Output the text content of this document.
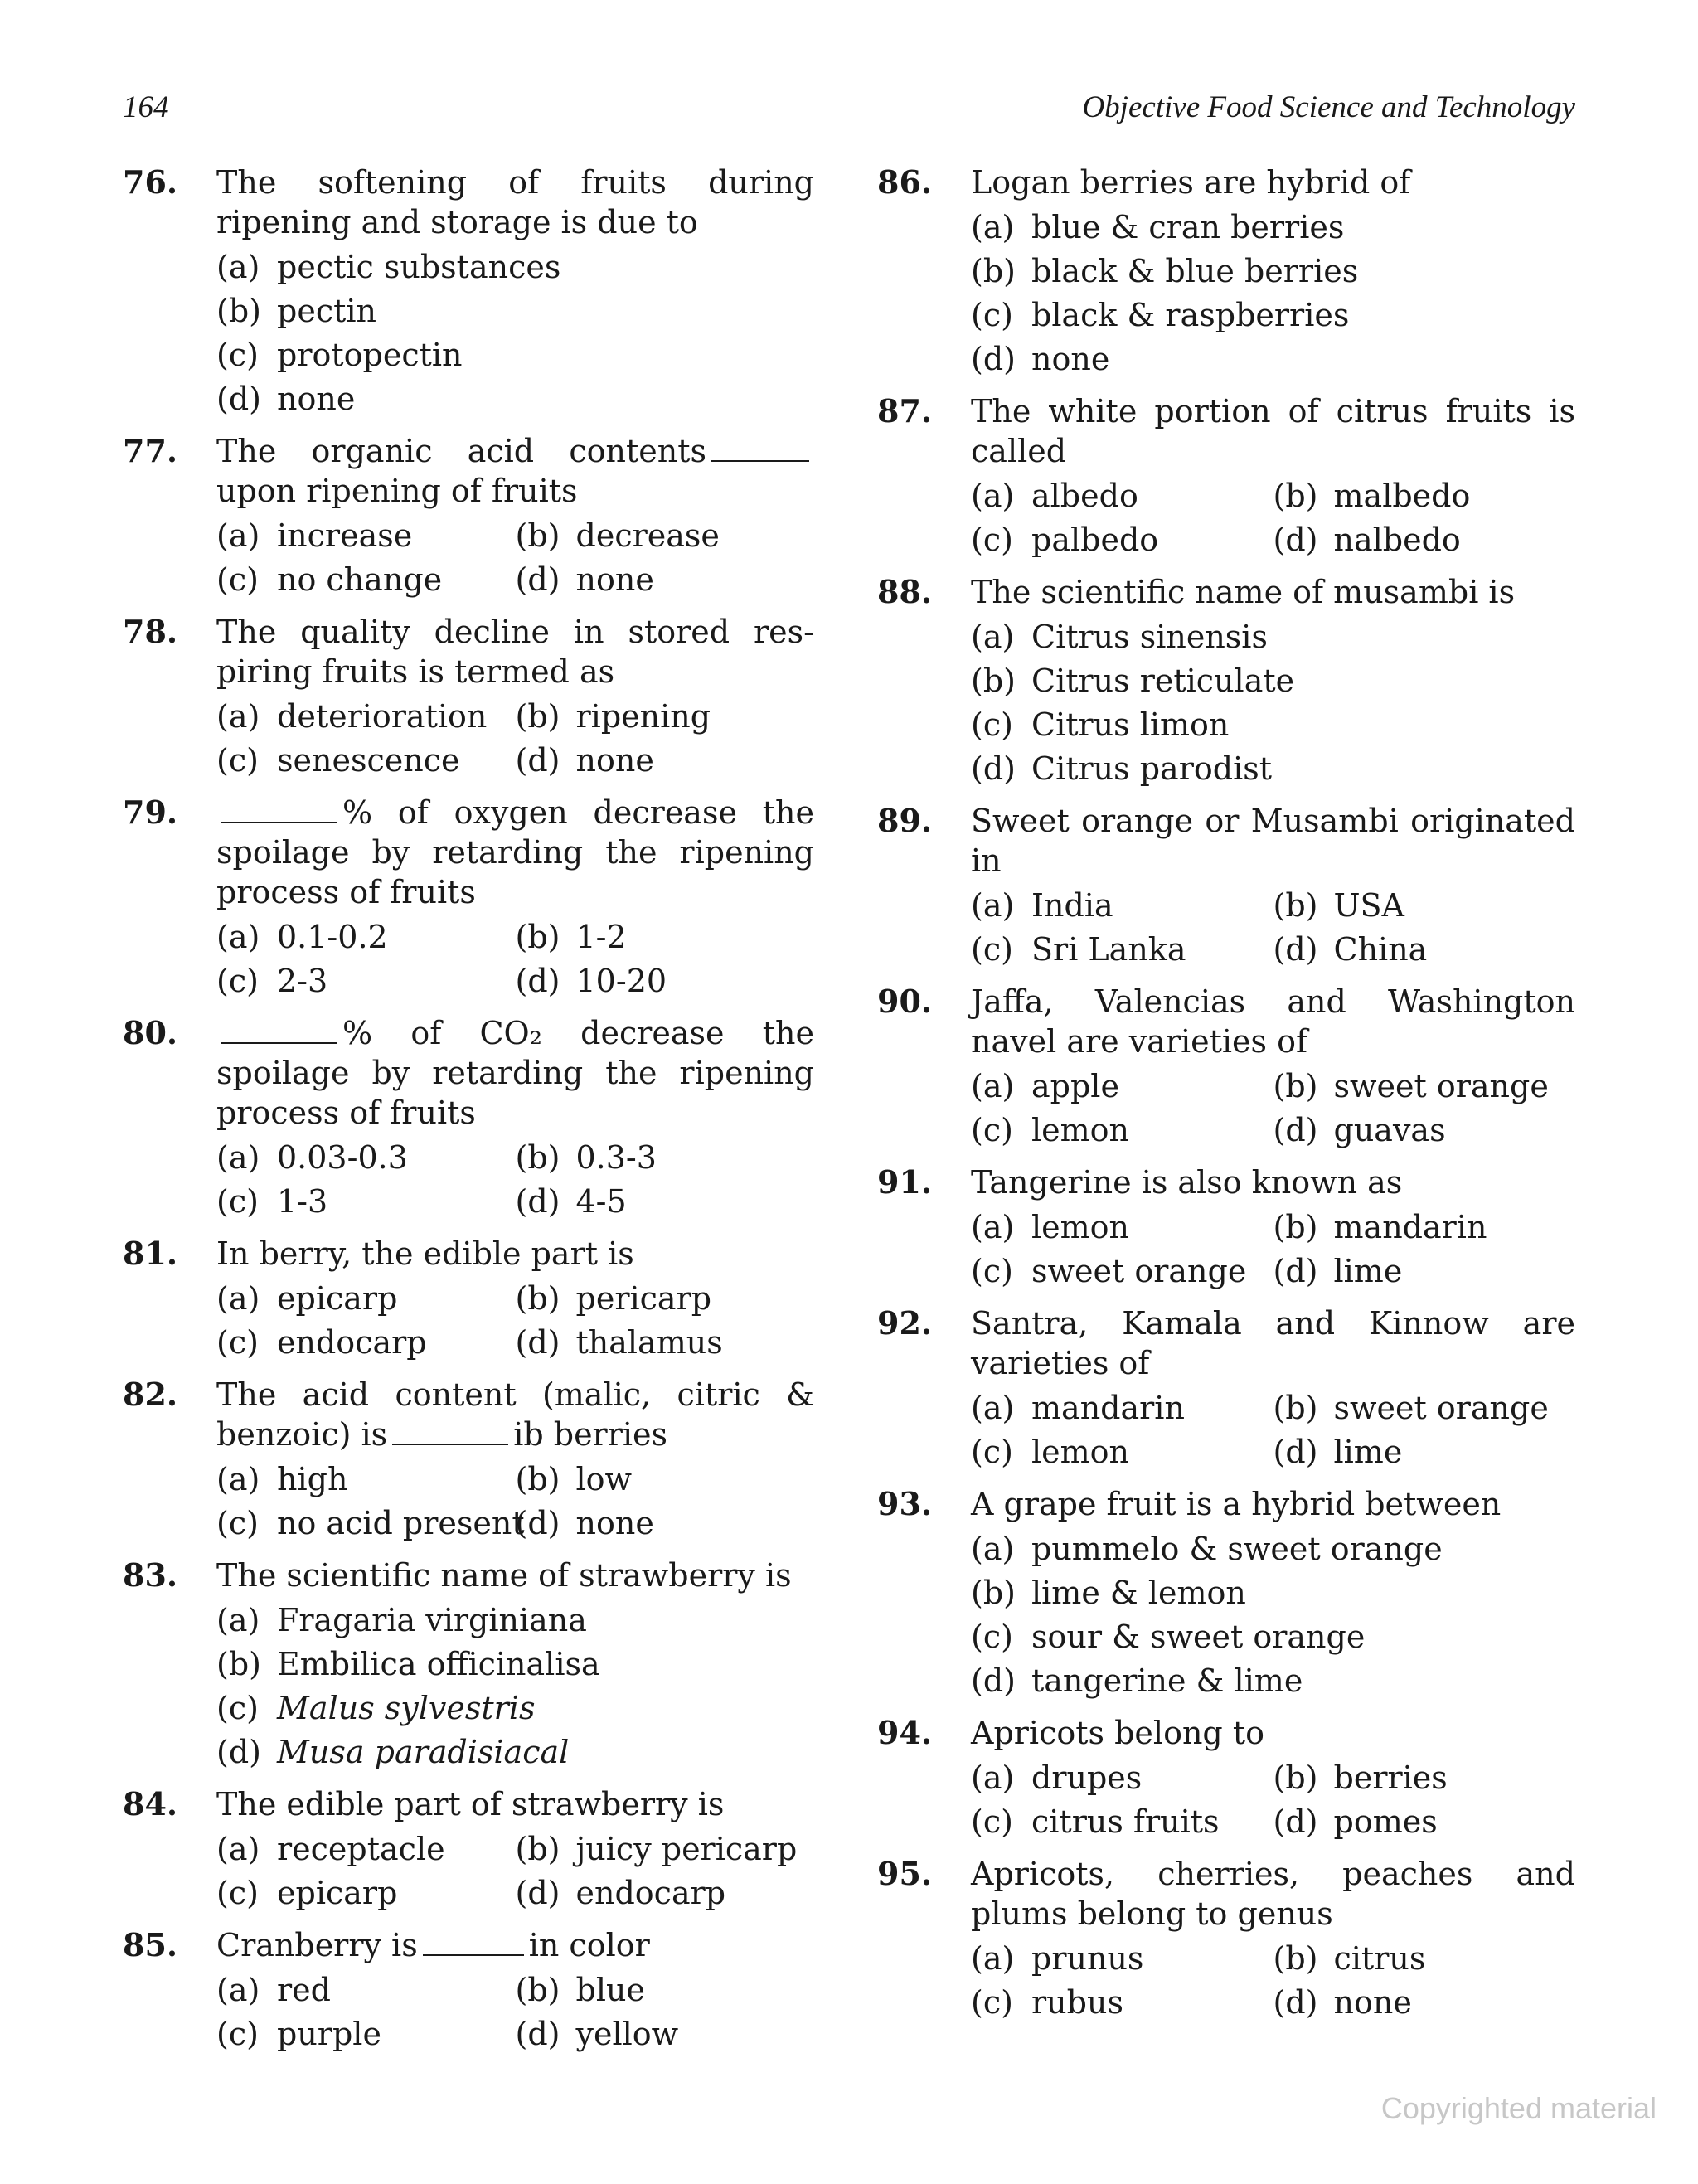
164	Objective Food Science and Technology
76.	The softening of fruits during ripening and storage is due to
(a) pectic substances
(b) pectin
(c) protopectin
(d) none
77.	The organic acid contentsupon ripening of fruits
(a) increase	(b) decrease
(c) no change	(d) none
78.	The quality decline in stored res-piring fruits is termed as
(a) deterioration (b) ripening
(c) senescence	(d) none
79.	% of oxygen decrease the spoilage by retarding the ripening process of fruits
(a) 0.1-0.2	(b) 1-2
(c) 2-3	(d) 10-20
80.	% of CO₂ decrease the spoilage by retarding the ripening process of fruits
(a) 0.03-0.3	(b) 0.3-3
(c) 1-3	(d) 4-5
81.	In berry, the edible part is
(a) epicarp	(b) pericarp
(c) endocarp	(d) thalamus
82.	The acid content (malic, citric & benzoic) is	ib berries
(a) high	(b) low
(c) no acid present
(d) none
83.	The scientific name of strawberry is
(a) Fragaria virginiana
(b) Embilica officinalisa
(c) Malus sylvestris
(d) Musa paradisiacal
84.	The edible part of strawberry is
(a) receptacle	(b) juicy pericarp
(c) epicarp	(d) endocarp
85.	Cranberry is	in color
(a) red	(b) blue
(c) purple	(d) yellow
86.	Logan berries are hybrid of
(a) blue & cran berries
(b) black & blue berries
(c) black & raspberries
(d) none
87.	The white portion of citrus fruits is called
(a) albedo	(b) malbedo
(c) palbedo	(d) nalbedo
88.	The scientific name of musambi is
(a) Citrus sinensis
(b) Citrus reticulate
(c) Citrus limon
(d) Citrus parodist
89.	Sweet orange or Musambi originated in
(a) India	(b) USA
(c) Sri Lanka	(d) China
90.	Jaffa, Valencias and Washington navel are varieties of
(a) apple	(b) sweet orange
(c) lemon	(d) guavas
91.	Tangerine is also known as
(a) lemon	(b) mandarin
(c) sweet orange (d) lime
92.	Santra, Kamala and Kinnow are varieties of
(a) mandarin	(b) sweet orange
(c) lemon	(d) lime
93.	A grape fruit is a hybrid between
(a) pummelo & sweet orange
(b) lime & lemon
(c) sour & sweet orange
(d) tangerine & lime
94.	Apricots belong to
(a) drupes	(b) berries
(c) citrus fruits	(d) pomes
95.	Apricots, cherries, peaches and plums belong to genus
(a) prunus	(b) citrus
(c) rubus	(d) none
Copyrighted material
